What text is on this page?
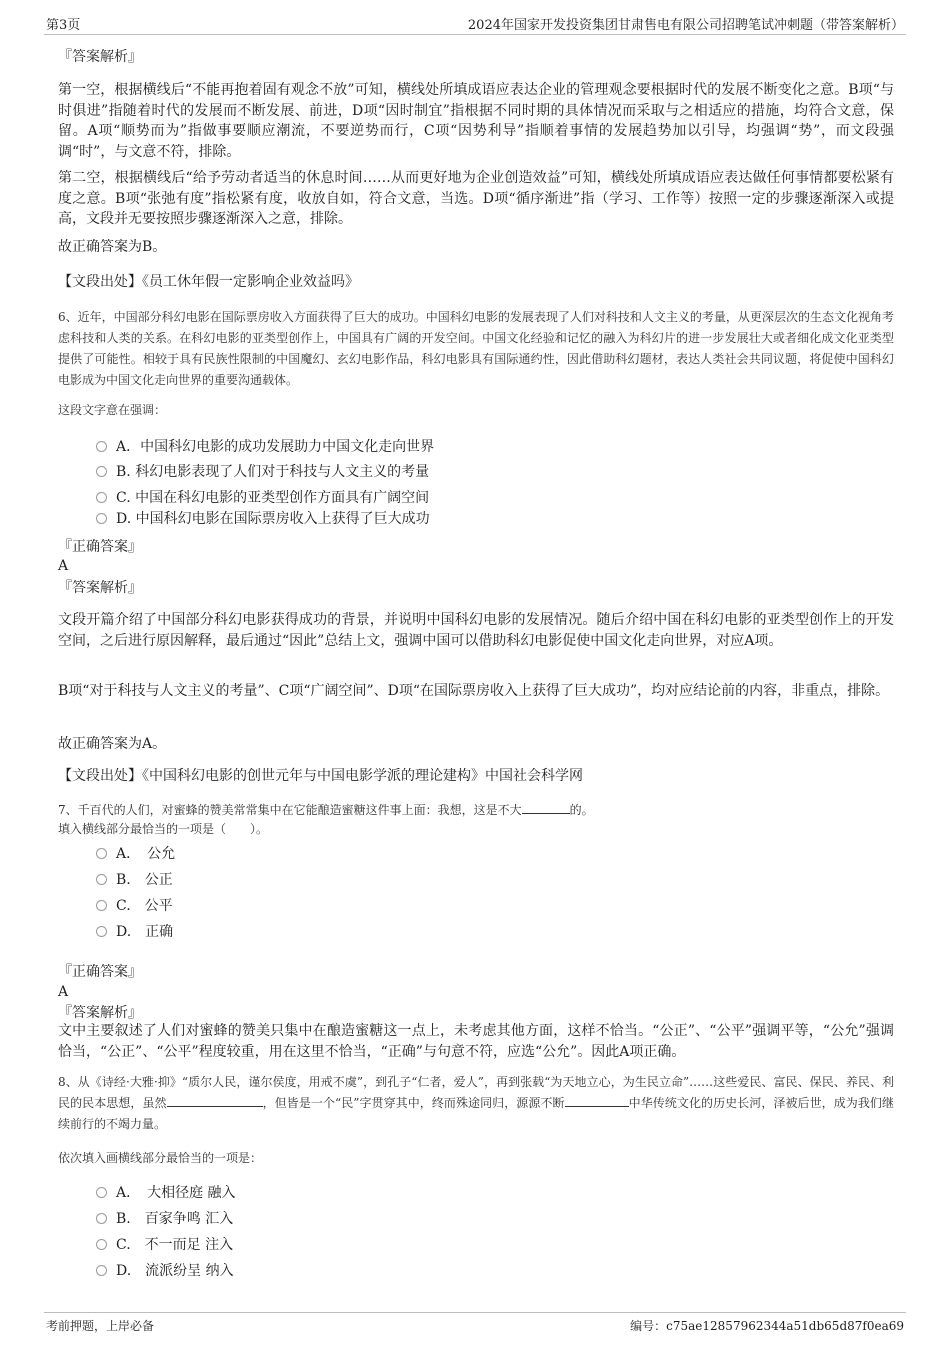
第3页	2024年国家开发投资集团甘肃售电有限公司招聘笔试冲刺题（带答案解析）
『答案解析』
第一空，根据横线后“不能再抱着固有观念不放”可知，横线处所填成语应表达企业的管理观念要根据时代的发展不断变化之意。B项“与时俱进”指随着时代的发展而不断发展、前进，D项“因时制宜”指根据不同时期的具体情况而采取与之相适应的措施，均符合文意，保留。A项“顺势而为”指做事要顺应潮流，不要逆势而行，C项“因势利导”指顺着事情的发展趋势加以引导，均强调“势”，而文段强调“时”，与文意不符，排除。
第二空，根据横线后“给予劳动者适当的休息时间……从而更好地为企业创造效益”可知，横线处所填成语应表达做任何事情都要松紧有度之意。B项“张弛有度”指松紧有度，收放自如，符合文意，当选。D项“循序渐进”指（学习、工作等）按照一定的步骤逐渐深入或提高，文段并无要按照步骤逐渐深入之意，排除。
故正确答案为B。
【文段出处】《员工休年假一定影响企业效益吗》
6、近年，中国部分科幻电影在国际票房收入方面获得了巨大的成功。中国科幻电影的发展表现了人们对科技和人文主义的考量，从更深层次的生态文化视角考虑科技和人类的关系。在科幻电影的亚类型创作上，中国具有广阔的开发空间。中国文化经验和记忆的融入为科幻片的进一步发展壮大或者细化成文化亚类型提供了可能性。相较于具有民族性限制的中国魔幻、玄幻电影作品，科幻电影具有国际通约性，因此借助科幻题材，表达人类社会共同议题，将促使中国科幻电影成为中国文化走向世界的重要沟通载体。
这段文字意在强调：
A．中国科幻电影的成功发展助力中国文化走向世界
B. 科幻电影表现了人们对于科技与人文主义的考量
C. 中国在科幻电影的亚类型创作方面具有广阔空间
D. 中国科幻电影在国际票房收入上获得了巨大成功
『正确答案』
A
『答案解析』
文段开篇介绍了中国部分科幻电影获得成功的背景，并说明中国科幻电影的发展情况。随后介绍中国在科幻电影的亚类型创作上的开发空间，之后进行原因解释，最后通过“因此”总结上文，强调中国可以借助科幻电影促使中国文化走向世界，对应A项。
B项“对于科技与人文主义的考量”、C项“广阔空间”、D项“在国际票房收入上获得了巨大成功”，均对应结论前的内容，非重点，排除。
故正确答案为A。
【文段出处】《中国科幻电影的创世元年与中国电影学派的理论建构》中国社会科学网
7、千百代的人们，对蜜蜂的赞美常常集中在它能酿造蜜糖这件事上面：我想，这是不大	的。
填入横线部分最恰当的一项是（　　）。
A．　公允
B.　公正
C.　公平
D.　正确
『正确答案』
A
『答案解析』
文中主要叙述了人们对蜜蜂的赞美只集中在酿造蜜糖这一点上，未考虑其他方面，这样不恰当。“公正”、“公平”强调平等，“公允”强调恰当，“公正”、“公平”程度较重，用在这里不恰当，“正确”与句意不符，应选“公允”。因此A项正确。
8、从《诗经·大雅·抑》“质尔人民，谨尔侯度，用戒不虞”，到孔子“仁者，爱人”，再到张载“为天地立心，为生民立命”……这些爱民、富民、保民、养民、利民的民本思想，虽然	，但皆是一个“民”字贯穿其中，终而殊途同归，源源不断	中华传统文化的历史长河，泽被后世，成为我们继续前行的不竭力量。
依次填入画横线部分最恰当的一项是：
A．　大相径庭 融入
B.　百家争鸣 汇入
C.　不一而足 注入
D.　流派纷呈 纳入
考前押题，上岸必备	编号：c75ae12857962344a51db65d87f0ea69
